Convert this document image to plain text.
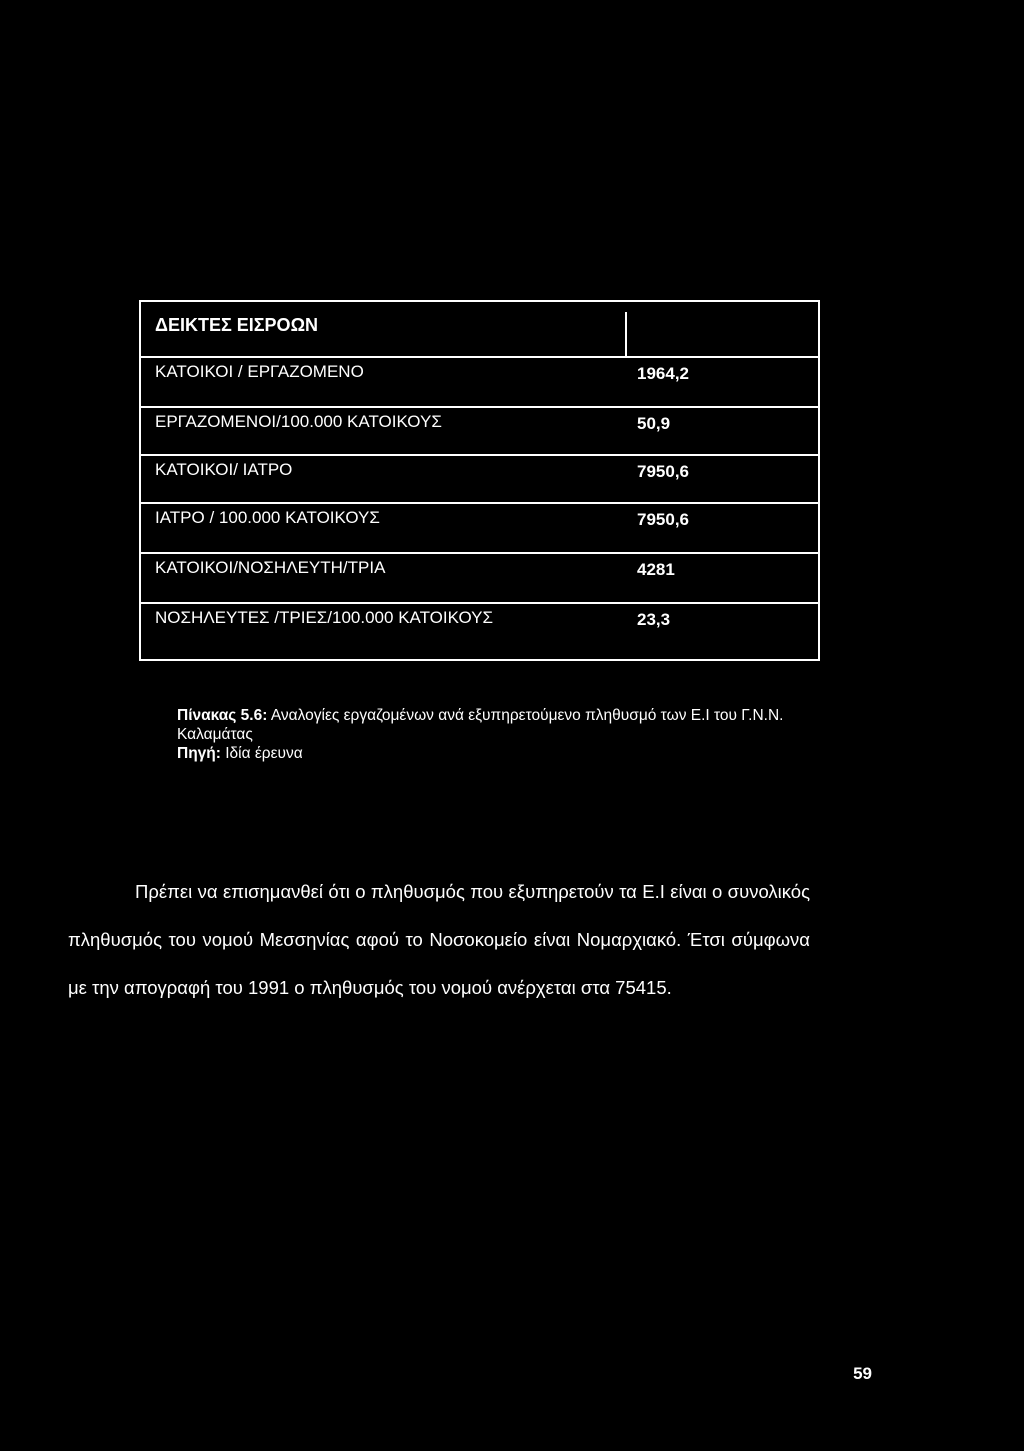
ΔΕΙΚΤΕΣ ΕΙΣΡΟΩΝ
ΚΑΤΟΙΚΟΙ / ΕΡΓΑΖΟΜΕΝΟ	1964,2
ΕΡΓΑΖΟΜΕΝΟΙ/100.000 ΚΑΤΟΙΚΟΥΣ	50,9
ΚΑΤΟΙΚΟΙ/ ΙΑΤΡΟ	7950,6
ΙΑΤΡΟ / 100.000 ΚΑΤΟΙΚΟΥΣ	7950,6
ΚΑΤΟΙΚΟΙ/ΝΟΣΗΛΕΥΤΗ/ΤΡΙΑ	4281
ΝΟΣΗΛΕΥΤΕΣ /ΤΡΙΕΣ/100.000 ΚΑΤΟΙΚΟΥΣ	23,3
Πίνακας 5.6: Αναλογίες εργαζομένων ανά εξυπηρετούμενο πληθυσμό των Ε.Ι του Γ.Ν.Ν. Καλαμάτας
Πηγή: Ιδία έρευνα
Πρέπει να επισημανθεί ότι ο πληθυσμός που εξυπηρετούν τα Ε.Ι είναι ο συνολικός πληθυσμός του νομού Μεσσηνίας αφού το Νοσοκομείο είναι Νομαρχιακό. Έτσι σύμφωνα με την απογραφή του 1991 ο πληθυσμός του νομού ανέρχεται στα 75415.
59
